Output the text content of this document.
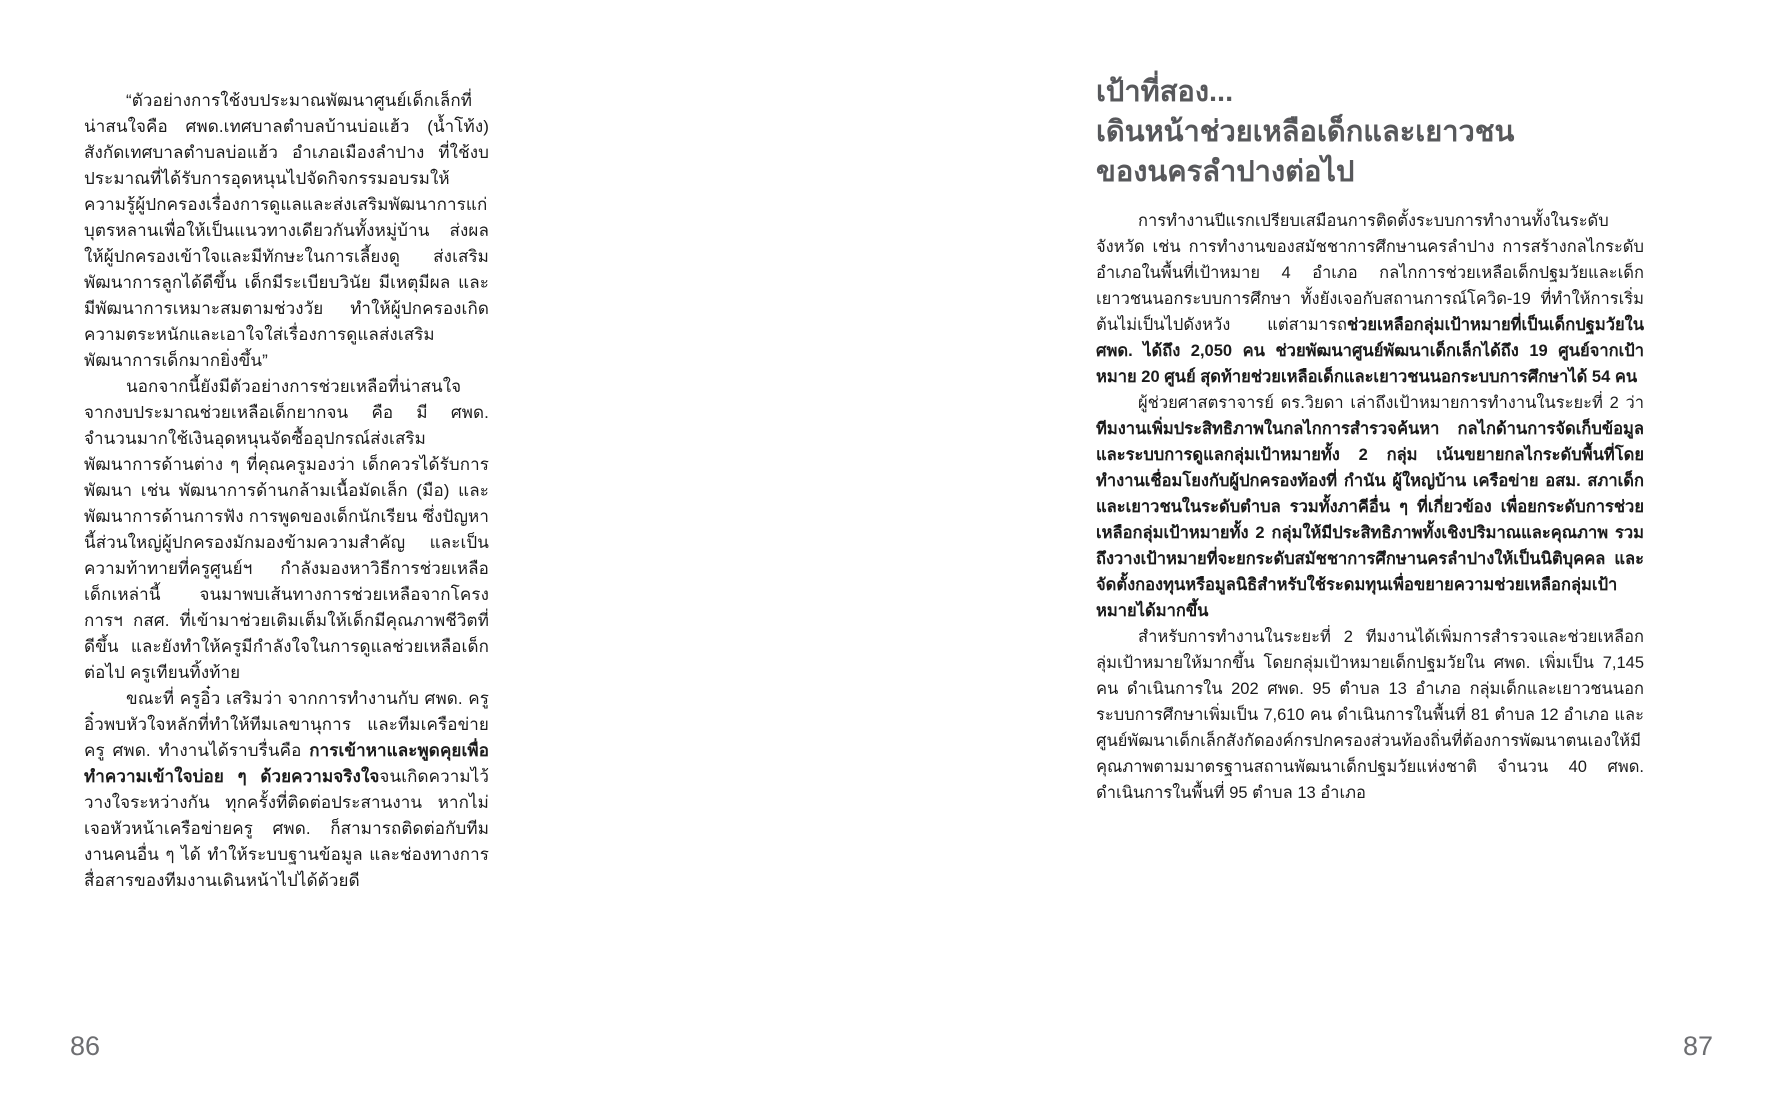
“ตัวอย่างการใช้งบประมาณพัฒนาศูนย์เด็กเล็กที่น่าสนใจคือ ศพด.เทศบาลตำบลบ้านบ่อแฮ้ว (น้ำโท้ง) สังกัดเทศบาลตำบลบ่อแฮ้ว อำเภอเมืองลำปาง ที่ใช้งบประมาณที่ได้รับการอุดหนุนไปจัดกิจกรรมอบรมให้ความรู้ผู้ปกครองเรื่องการดูแลและส่งเสริมพัฒนาการแก่บุตรหลานเพื่อให้เป็นแนวทางเดียวกันทั้งหมู่บ้าน ส่งผลให้ผู้ปกครองเข้าใจและมีทักษะในการเลี้ยงดู ส่งเสริมพัฒนาการลูกได้ดีขึ้น เด็กมีระเบียบวินัย มีเหตุมีผล และมีพัฒนาการเหมาะสมตามช่วงวัย ทำให้ผู้ปกครองเกิดความตระหนักและเอาใจใส่เรื่องการดูแลส่งเสริมพัฒนาการเด็กมากยิ่งขึ้น”

นอกจากนี้ยังมีตัวอย่างการช่วยเหลือที่น่าสนใจจากงบประมาณช่วยเหลือเด็กยากจน คือ มี ศพด. จำนวนมากใช้เงินอุดหนุนจัดซื้ออุปกรณ์ส่งเสริมพัฒนาการด้านต่าง ๆ ที่คุณครูมองว่า เด็กควรได้รับการพัฒนา เช่น พัฒนาการด้านกล้ามเนื้อมัดเล็ก (มือ) และพัฒนาการด้านการฟัง การพูดของเด็กนักเรียน ซึ่งปัญหานี้ส่วนใหญ่ผู้ปกครองมักมองข้ามความสำคัญ และเป็นความท้าทายที่ครูศูนย์ฯ กำลังมองหาวิธีการช่วยเหลือเด็กเหล่านี้ จนมาพบเส้นทางการช่วยเหลือจากโครงการฯ กสศ. ที่เข้ามาช่วยเติมเต็มให้เด็กมีคุณภาพชีวิตที่ดีขึ้น และยังทำให้ครูมีกำลังใจในการดูแลช่วยเหลือเด็กต่อไป ครูเทียนทิ้งท้าย

ขณะที่ ครูอิ๋ว เสริมว่า จากการทำงานกับ ศพด. ครูอิ๋วพบหัวใจหลักที่ทำให้ทีมเลขานุการ และทีมเครือข่ายครู ศพด. ทำงานได้ราบรื่นคือ การเข้าหาและพูดคุยเพื่อทำความเข้าใจบ่อย ๆ ด้วยความจริงใจจนเกิดความไว้วางใจระหว่างกัน ทุกครั้งที่ติดต่อประสานงาน หากไม่เจอหัวหน้าเครือข่ายครู ศพด. ก็สามารถติดต่อกับทีมงานคนอื่น ๆ ได้ ทำให้ระบบฐานข้อมูล และช่องทางการสื่อสารของทีมงานเดินหน้าไปได้ด้วยดี

86
เป้าที่สอง...
เดินหน้าช่วยเหลือเด็กและเยาวชน
ของนครลำปางต่อไป

การทำงานปีแรกเปรียบเสมือนการติดตั้งระบบการทำงานทั้งในระดับจังหวัด เช่น การทำงานของสมัชชาการศึกษานครลำปาง การสร้างกลไกระดับอำเภอในพื้นที่เป้าหมาย 4 อำเภอ กลไกการช่วยเหลือเด็กปฐมวัยและเด็กเยาวชนนอกระบบการศึกษา ทั้งยังเจอกับสถานการณ์โควิด-19 ที่ทำให้การเริ่มต้นไม่เป็นไปดังหวัง แต่สามารถช่วยเหลือกลุ่มเป้าหมายที่เป็นเด็กปฐมวัยใน ศพด. ได้ถึง 2,050 คน ช่วยพัฒนาศูนย์พัฒนาเด็กเล็กได้ถึง 19 ศูนย์จากเป้าหมาย 20 ศูนย์ สุดท้ายช่วยเหลือเด็กและเยาวชนนอกระบบการศึกษาได้ 54 คน

ผู้ช่วยศาสตราจารย์ ดร.วิยดา เล่าถึงเป้าหมายการทำงานในระยะที่ 2 ว่า ทีมงานเพิ่มประสิทธิภาพในกลไกการสำรวจค้นหา กลไกด้านการจัดเก็บข้อมูลและระบบการดูแลกลุ่มเป้าหมายทั้ง 2 กลุ่ม เน้นขยายกลไกระดับพื้นที่โดยทำงานเชื่อมโยงกับผู้ปกครองท้องที่ กำนัน ผู้ใหญ่บ้าน เครือข่าย อสม. สภาเด็กและเยาวชนในระดับตำบล รวมทั้งภาคีอื่น ๆ ที่เกี่ยวข้อง เพื่อยกระดับการช่วยเหลือกลุ่มเป้าหมายทั้ง 2 กลุ่มให้มีประสิทธิภาพทั้งเชิงปริมาณและคุณภาพ รวมถึงวางเป้าหมายที่จะยกระดับสมัชชาการศึกษานครลำปางให้เป็นนิติบุคคล และจัดตั้งกองทุนหรือมูลนิธิสำหรับใช้ระดมทุนเพื่อขยายความช่วยเหลือกลุ่มเป้าหมายได้มากขึ้น

สำหรับการทำงานในระยะที่ 2 ทีมงานได้เพิ่มการสำรวจและช่วยเหลือกลุ่มเป้าหมายให้มากขึ้น โดยกลุ่มเป้าหมายเด็กปฐมวัยใน ศพด. เพิ่มเป็น 7,145 คน ดำเนินการใน 202 ศพด. 95 ตำบล 13 อำเภอ กลุ่มเด็กและเยาวชนนอกระบบการศึกษาเพิ่มเป็น 7,610 คน ดำเนินการในพื้นที่ 81 ตำบล 12 อำเภอ และศูนย์พัฒนาเด็กเล็กสังกัดองค์กรปกครองส่วนท้องถิ่นที่ต้องการพัฒนาตนเองให้มีคุณภาพตามมาตรฐานสถานพัฒนาเด็กปฐมวัยแห่งชาติ จำนวน 40 ศพด. ดำเนินการในพื้นที่ 95 ตำบล 13 อำเภอ

87
